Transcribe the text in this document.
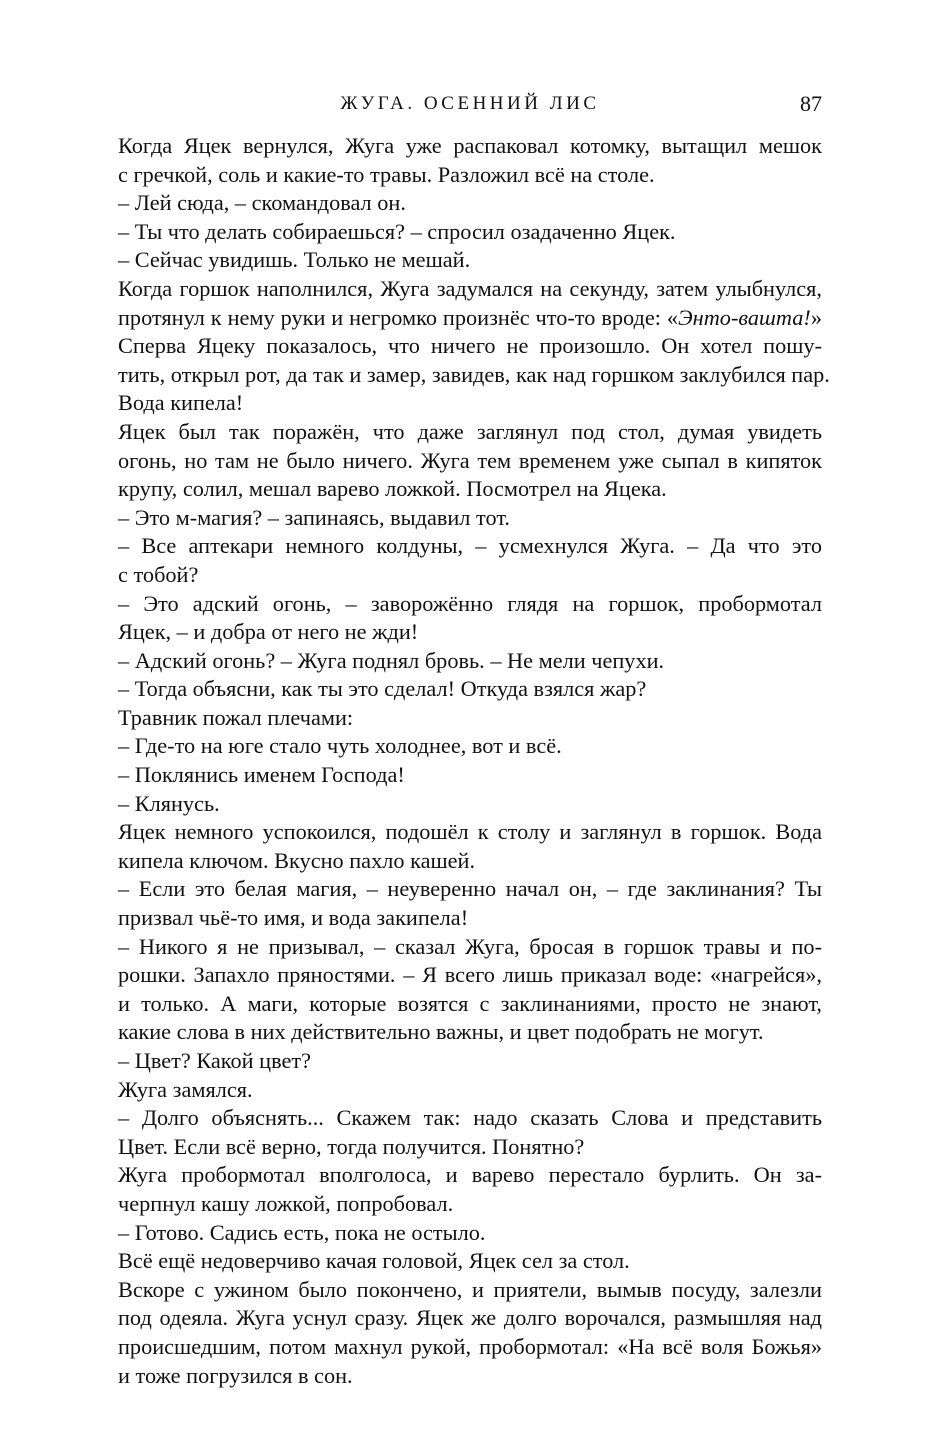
ЖУГА. ОСЕННИЙ ЛИС	87
Когда Яцек вернулся, Жуга уже распаковал котомку, вытащил мешок
с гречкой, соль и какие-то травы. Разложил всё на столе.
– Лей сюда, – скомандовал он.
– Ты что делать собираешься? – спросил озадаченно Яцек.
– Сейчас увидишь. Только не мешай.
Когда горшок наполнился, Жуга задумался на секунду, затем улыбнулся,
протянул к нему руки и негромко произнёс что-то вроде: «Энто-вашта!»
Сперва Яцеку показалось, что ничего не произошло. Он хотел пошу-
тить, открыл рот, да так и замер, завидев, как над горшком заклубился пар.
Вода кипела!
Яцек был так поражён, что даже заглянул под стол, думая увидеть
огонь, но там не было ничего. Жуга тем временем уже сыпал в кипяток
крупу, солил, мешал варево ложкой. Посмотрел на Яцека.
– Это м-магия? – запинаясь, выдавил тот.
– Все аптекари немного колдуны, – усмехнулся Жуга. – Да что это
с тобой?
– Это адский огонь, – заворожённо глядя на горшок, пробормотал
Яцек, – и добра от него не жди!
– Адский огонь? – Жуга поднял бровь. – Не мели чепухи.
– Тогда объясни, как ты это сделал! Откуда взялся жар?
Травник пожал плечами:
– Где-то на юге стало чуть холоднее, вот и всё.
– Поклянись именем Господа!
– Клянусь.
Яцек немного успокоился, подошёл к столу и заглянул в горшок. Вода
кипела ключом. Вкусно пахло кашей.
– Если это белая магия, – неуверенно начал он, – где заклинания? Ты
призвал чьё-то имя, и вода закипела!
– Никого я не призывал, – сказал Жуга, бросая в горшок травы и по-
рошки. Запахло пряностями. – Я всего лишь приказал воде: «нагрейся»,
и только. А маги, которые возятся с заклинаниями, просто не знают,
какие слова в них действительно важны, и цвет подобрать не могут.
– Цвет? Какой цвет?
Жуга замялся.
– Долго объяснять... Скажем так: надо сказать Слова и представить
Цвет. Если всё верно, тогда получится. Понятно?
Жуга пробормотал вполголоса, и варево перестало бурлить. Он за-
черпнул кашу ложкой, попробовал.
– Готово. Садись есть, пока не остыло.
Всё ещё недоверчиво качая головой, Яцек сел за стол.
Вскоре с ужином было покончено, и приятели, вымыв посуду, залезли
под одеяла. Жуга уснул сразу. Яцек же долго ворочался, размышляя над
происшедшим, потом махнул рукой, пробормотал: «На всё воля Божья»
и тоже погрузился в сон.
